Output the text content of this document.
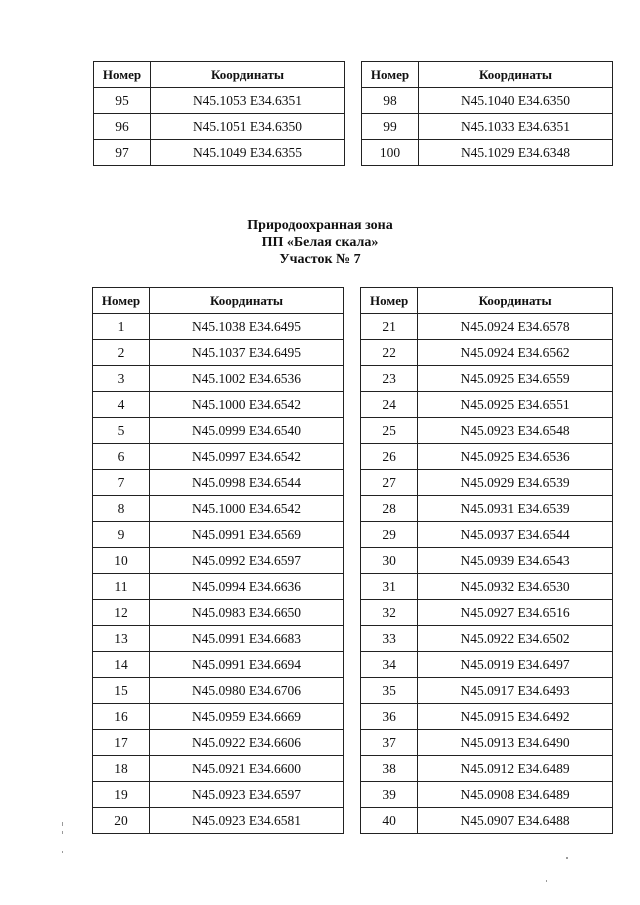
Номер	Координаты
95	N45.1053 E34.6351
96	N45.1051 E34.6350
97	N45.1049 E34.6355
Номер	Координаты
98	N45.1040 E34.6350
99	N45.1033 E34.6351
100	N45.1029 E34.6348
Природоохранная зона
ПП «Белая скала»
Участок № 7
Номер	Координаты
1	N45.1038 E34.6495
2	N45.1037 E34.6495
3	N45.1002 E34.6536
4	N45.1000 E34.6542
5	N45.0999 E34.6540
6	N45.0997 E34.6542
7	N45.0998 E34.6544
8	N45.1000 E34.6542
9	N45.0991 E34.6569
10	N45.0992 E34.6597
11	N45.0994 E34.6636
12	N45.0983 E34.6650
13	N45.0991 E34.6683
14	N45.0991 E34.6694
15	N45.0980 E34.6706
16	N45.0959 E34.6669
17	N45.0922 E34.6606
18	N45.0921 E34.6600
19	N45.0923 E34.6597
20	N45.0923 E34.6581
Номер	Координаты
21	N45.0924 E34.6578
22	N45.0924 E34.6562
23	N45.0925 E34.6559
24	N45.0925 E34.6551
25	N45.0923 E34.6548
26	N45.0925 E34.6536
27	N45.0929 E34.6539
28	N45.0931 E34.6539
29	N45.0937 E34.6544
30	N45.0939 E34.6543
31	N45.0932 E34.6530
32	N45.0927 E34.6516
33	N45.0922 E34.6502
34	N45.0919 E34.6497
35	N45.0917 E34.6493
36	N45.0915 E34.6492
37	N45.0913 E34.6490
38	N45.0912 E34.6489
39	N45.0908 E34.6489
40	N45.0907 E34.6488
